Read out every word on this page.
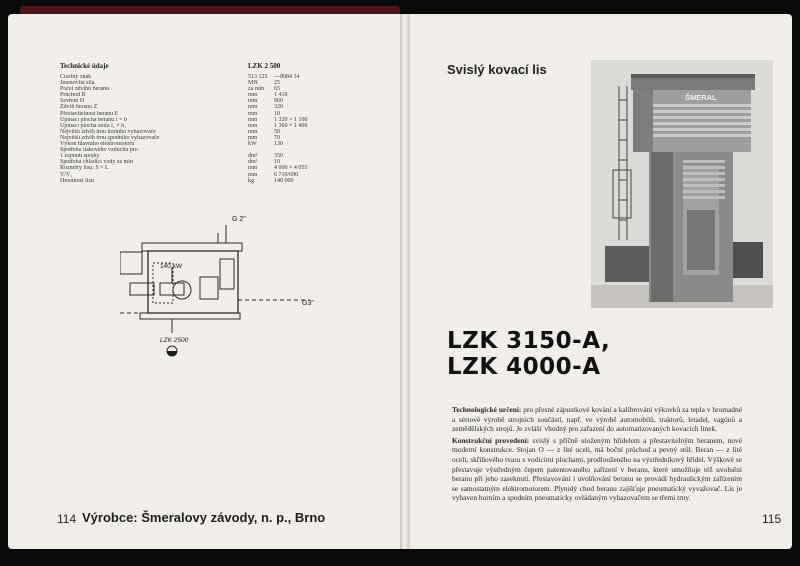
Technické údaje	LZK 2 500
Číselný znak	513 125	—8984 34
Jmenovitá síla	MN	25
Počet zdvihů beranu	za min	65
Průchod B	mm	1 410
Sevření H	mm	960
Zdvih beranu Z	mm	320
Přestavitelnost beranu E	mm	10
Upínací plocha beranu i × b	mm	1 320 × 1 100
Upínací plocha stolu l₁ × b₁	mm	1 360 × 1 400
Největší zdvih trnu horního vyhazovače	mm	50
Největší zdvih trnu spodního vyhazovače	mm	70
Výkon hlavního elektromotoru	kW	130
Spotřeba tlakového vzduchu pro
1 zapnutí spojky	dm³	350
Spotřeba chladicí vody za min	dm³	10
Rozměry lisu: S × L	mm	4 000 × 4 055
V/V₁	mm	6 710/690
Hmotnost lisu	kg	140 000
G 2"
G3"
140 kW
LZK 2500
114 Výrobce: Šmeralovy závody, n. p., Brno
Svislý kovací lis
ŠMERAL
LZK 3150-A,
LZK 4000-A

Technologické určení: pro přesné zápustkové kování a kalibrování výkovků za tepla v hromadné a sériové výrobě strojních součástí, např. ve výrobě automobilů, traktorů, letadel, vagónů a zemědělských strojů. Je zvlášť vhodný pro zařazení do automatizovaných kovacích linek.

Konstrukční provedení: svislý s příčně uloženým hřídelem a přestavitelným beranem, nové moderní konstrukce. Stojan O — z lité oceli, má boční průchod a pevný stůl. Beran — z lité oceli, skříňového tvaru s vodicími plochami, prodlouženého na výstředníkový hřídel. Výškové se přestavuje výstředným čepem patentovaného zařízení v beranu, které umožňuje též uvolnění beranu při jeho zaseknutí. Přestavování i uvolňování beranu se provádí hydraulickým zařízením se samostatným elektromotorem. Plynulý chod beranu zajišťuje pneumatický vyvažovač. Lis je vybaven horním a spodním pneumaticky ovládaným vyhazovačem se třemi trny.

115
